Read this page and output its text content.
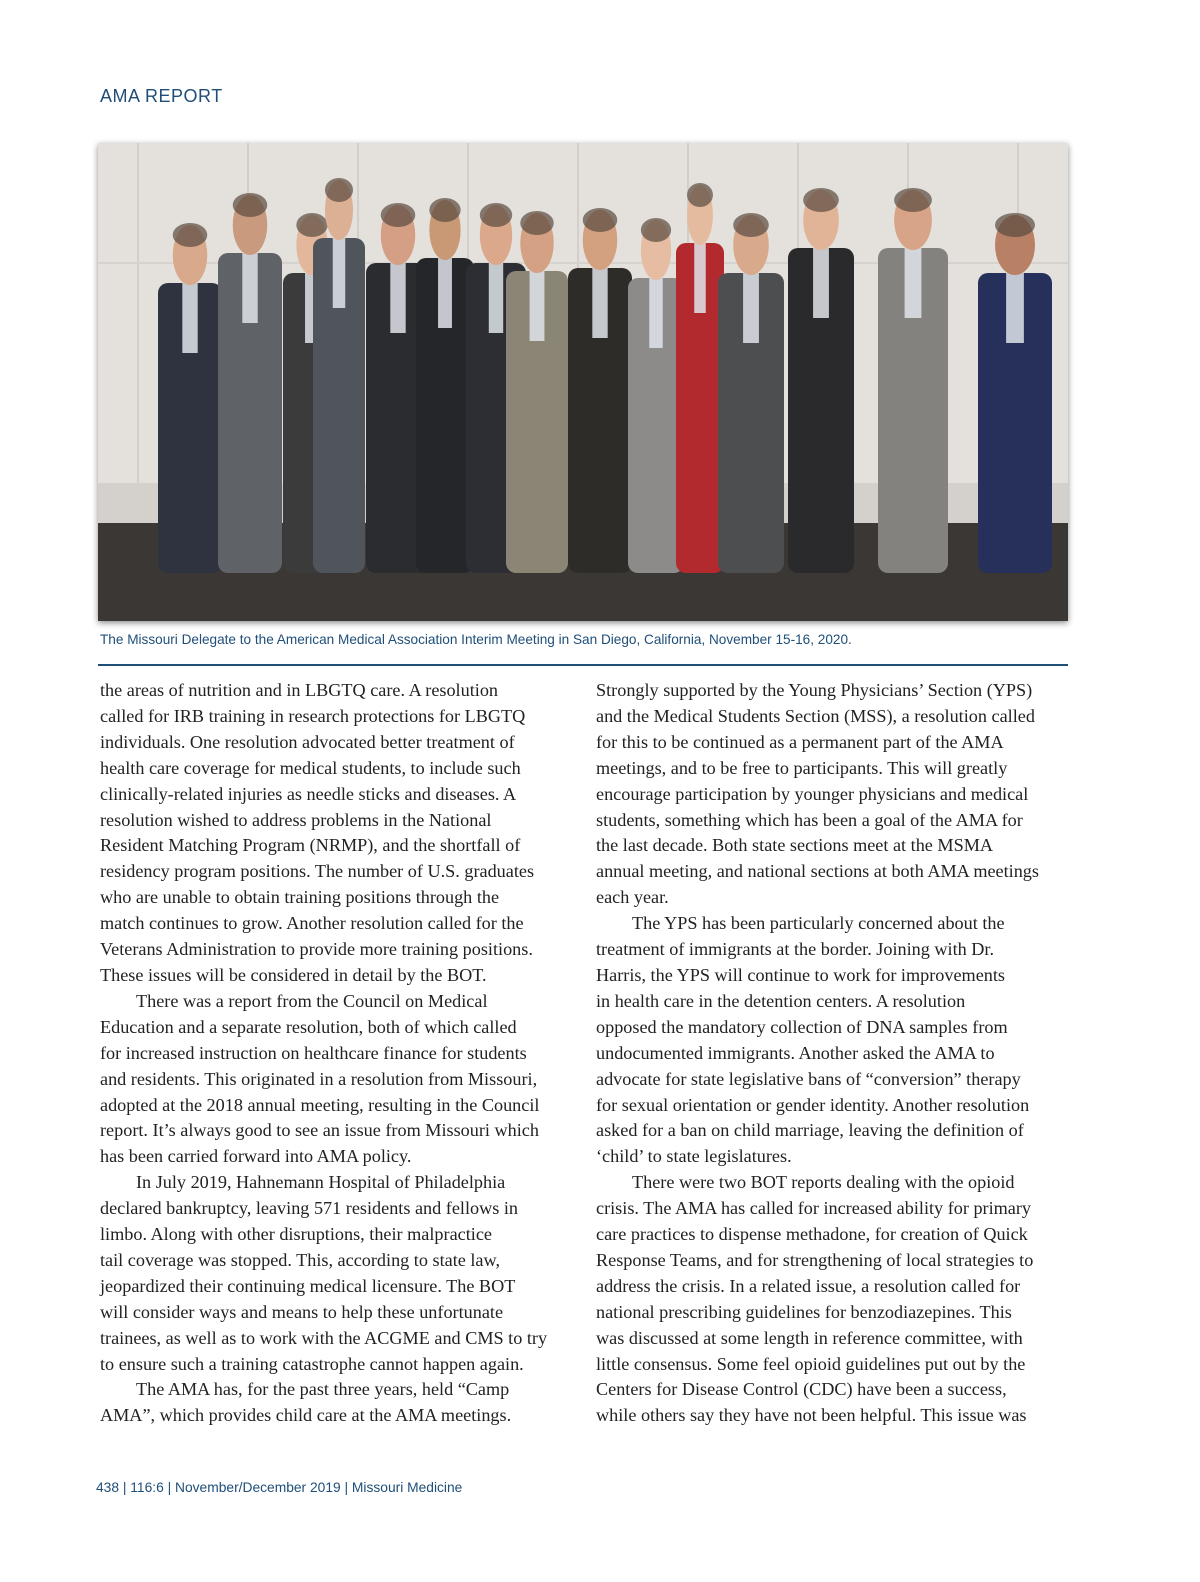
AMA REPORT
The Missouri Delegate to the American Medical Association Interim Meeting in San Diego, California, November 15-16, 2020.
the areas of nutrition and in LBGTQ care. A resolution
called for IRB training in research protections for LBGTQ
individuals. One resolution advocated better treatment of
health care coverage for medical students, to include such
clinically-related injuries as needle sticks and diseases. A
resolution wished to address problems in the National
Resident Matching Program (NRMP), and the shortfall of
residency program positions. The number of U.S. graduates
who are unable to obtain training positions through the
match continues to grow. Another resolution called for the
Veterans Administration to provide more training positions.
These issues will be considered in detail by the BOT.
There was a report from the Council on Medical
Education and a separate resolution, both of which called
for increased instruction on healthcare finance for students
and residents. This originated in a resolution from Missouri,
adopted at the 2018 annual meeting, resulting in the Council
report. It’s always good to see an issue from Missouri which
has been carried forward into AMA policy.
In July 2019, Hahnemann Hospital of Philadelphia
declared bankruptcy, leaving 571 residents and fellows in
limbo. Along with other disruptions, their malpractice
tail coverage was stopped. This, according to state law,
jeopardized their continuing medical licensure. The BOT
will consider ways and means to help these unfortunate
trainees, as well as to work with the ACGME and CMS to try
to ensure such a training catastrophe cannot happen again.
The AMA has, for the past three years, held “Camp
AMA”, which provides child care at the AMA meetings.
Strongly supported by the Young Physicians’ Section (YPS)
and the Medical Students Section (MSS), a resolution called
for this to be continued as a permanent part of the AMA
meetings, and to be free to participants. This will greatly
encourage participation by younger physicians and medical
students, something which has been a goal of the AMA for
the last decade. Both state sections meet at the MSMA
annual meeting, and national sections at both AMA meetings
each year.
The YPS has been particularly concerned about the
treatment of immigrants at the border. Joining with Dr.
Harris, the YPS will continue to work for improvements
in health care in the detention centers. A resolution
opposed the mandatory collection of DNA samples from
undocumented immigrants. Another asked the AMA to
advocate for state legislative bans of “conversion” therapy
for sexual orientation or gender identity. Another resolution
asked for a ban on child marriage, leaving the definition of
‘child’ to state legislatures.
There were two BOT reports dealing with the opioid
crisis. The AMA has called for increased ability for primary
care practices to dispense methadone, for creation of Quick
Response Teams, and for strengthening of local strategies to
address the crisis. In a related issue, a resolution called for
national prescribing guidelines for benzodiazepines. This
was discussed at some length in reference committee, with
little consensus. Some feel opioid guidelines put out by the
Centers for Disease Control (CDC) have been a success,
while others say they have not been helpful. This issue was
438 | 116:6 | November/December 2019 | Missouri Medicine
